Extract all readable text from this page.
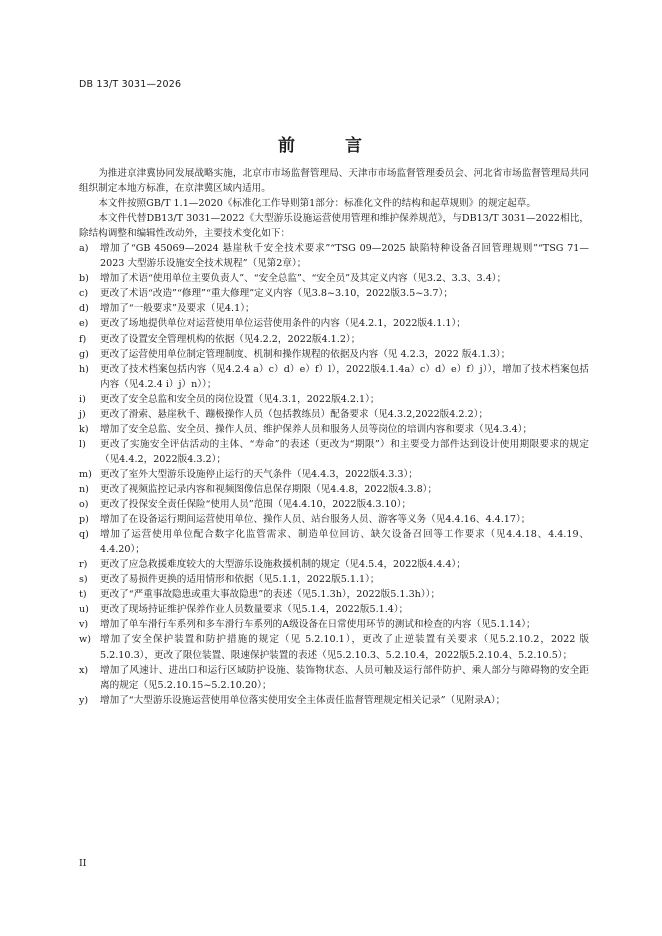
DB 13/T 3031—2026
前 言

为推进京津冀协同发展战略实施，北京市市场监督管理局、天津市市场监督管理委员会、河北省市场监督管理局共同组织制定本地方标准，在京津冀区域内适用。

本文件按照GB/T 1.1—2020《标准化工作导则第1部分：标准化文件的结构和起草规则》的规定起草。

本文件代替DB13/T 3031—2022《大型游乐设施运营使用管理和维护保养规范》，与DB13/T 3031—2022相比，除结构调整和编辑性改动外，主要技术变化如下：

a)	增加了“GB 45069—2024 悬崖秋千安全技术要求”“TSG 09—2025 缺陷特种设备召回管理规则”“TSG 71—2023 大型游乐设施安全技术规程”（见第2章）；
b)	增加了术语“使用单位主要负责人”、“安全总监”、“安全员”及其定义内容（见3.2、3.3、3.4）；
c)	更改了术语“改造”“修理”“重大修理”定义内容（见3.8~3.10，2022版3.5~3.7）；
d)	增加了“一般要求”及要求（见4.1）；
e)	更改了场地提供单位对运营使用单位运营使用条件的内容（见4.2.1，2022版4.1.1）；
f)	更改了设置安全管理机构的依据（见4.2.2，2022版4.1.2）；
g)	更改了运营使用单位制定管理制度、机制和操作规程的依据及内容（见 4.2.3，2022 版4.1.3）；
h)	更改了技术档案包括内容（见4.2.4 a）c）d）e）f）l），2022版4.1.4a）c）d）e）f）j）），增加了技术档案包括内容（见4.2.4 i）j）n））；
i)	更改了安全总监和安全员的岗位设置（见4.3.1，2022版4.2.1）；
j)	更改了滑索、悬崖秋千、蹦极操作人员（包括教练员）配备要求（见4.3.2,2022版4.2.2）；
k)	增加了安全总监、安全员、操作人员、维护保养人员和服务人员等岗位的培训内容和要求（见4.3.4）；
l)	更改了实施安全评估活动的主体、“寿命”的表述（更改为“期限”）和主要受力部件达到设计使用期限要求的规定（见4.4.2，2022版4.3.2）；
m) 更改了室外大型游乐设施停止运行的天气条件（见4.4.3，2022版4.3.3）；
n)	更改了视频监控记录内容和视频图像信息保存期限（见4.4.8，2022版4.3.8）；
o)	更改了投保安全责任保险“使用人员”范围（见4.4.10，2022版4.3.10）；
p)	增加了在设备运行期间运营使用单位、操作人员、站台服务人员、游客等义务（见4.4.16、4.4.17）；
q)	增加了运营使用单位配合数字化监管需求、制造单位回访、缺欠设备召回等工作要求（见4.4.18、4.4.19、4.4.20）；
r)	更改了应急救援难度较大的大型游乐设施救援机制的规定（见4.5.4，2022版4.4.4）；
s)	更改了易损件更换的适用情形和依据（见5.1.1，2022版5.1.1）；
t)	更改了“严重事故隐患或重大事故隐患”的表述（见5.1.3h），2022版5.1.3h））；
u)	更改了现场持证维护保养作业人员数量要求（见5.1.4，2022版5.1.4）；
v)	增加了单车滑行车系列和多车滑行车系列的A级设备在日常使用环节的测试和检查的内容（见5.1.14）；
w) 增加了安全保护装置和防护措施的规定（见 5.2.10.1），更改了止逆装置有关要求（见5.2.10.2，2022 版 5.2.10.3），更改了限位装置、限速保护装置的表述（见5.2.10.3、5.2.10.4，2022版5.2.10.4、5.2.10.5）；
x)	增加了风速计、进出口和运行区域防护设施、装饰物状态、人员可触及运行部件防护、乘人部分与障碍物的安全距离的规定（见5.2.10.15~5.2.10.20）；
y)	增加了“大型游乐设施运营使用单位落实使用安全主体责任监督管理规定相关记录”（见附录A）；
II
